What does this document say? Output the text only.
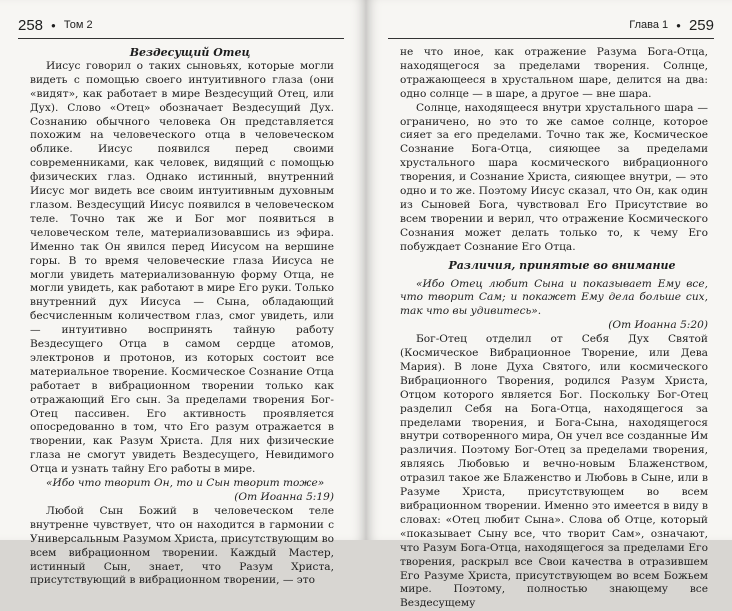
258 ● Том 2

Вездесущий Отец

Иисус говорил о таких сыновьях, которые могли видеть с помощью своего интуитивного глаза (они «видят», как работает в мире Вездесущий Отец, или Дух). Слово «Отец» обозначает Вездесущий Дух. Сознанию обычного человека Он представляется похожим на человеческого отца в человеческом облике. Иисус появился перед своими современниками, как человек, видящий с помощью физических глаз. Однако истинный, внутренний Иисус мог видеть все своим интуитивным духовным глазом. Вездесущий Иисус появился в человеческом теле. Точно так же и Бог мог появиться в человеческом теле, материализовавшись из эфира. Именно так Он явился перед Иисусом на вершине горы. В то время человеческие глаза Иисуса не могли увидеть материализованную форму Отца, не могли увидеть, как работают в мире Его руки. Только внутренний дух Иисуса — Сына, обладающий бесчисленным количеством глаз, смог увидеть, или — интуитивно воспринять тайную работу Вездесущего Отца в самом сердце атомов, электронов и протонов, из которых состоит все материальное творение. Космическое Сознание Отца работает в вибрационном творении только как отражающий Его сын. За пределами творения Бог-Отец пассивен. Его активность проявляется опосредованно в том, что Его разум отражается в творении, как Разум Христа. Для них физические глаза не смогут увидеть Вездесущего, Невидимого Отца и узнать тайну Его работы в мире.

«Ибо что творит Он, то и Сын творит тоже»

(От Иоанна 5:19)

Любой Сын Божий в человеческом теле внутренне чувствует, что он находится в гармонии с Универсальным Разумом Христа, присутствующим во всем вибрационном творении. Каждый Мастер, истинный Сын, знает, что Разум Христа, присутствующий в вибрационном творении, — это

Глава 1 ● 259

не что иное, как отражение Разума Бога-Отца, находящегося за пределами творения. Солнце, отражающееся в хрустальном шаре, делится на два: одно солнце — в шаре, а другое — вне шара.

Солнце, находящееся внутри хрустального шара — ограничено, но это то же самое солнце, которое сияет за его пределами. Точно так же, Космическое Сознание Бога-Отца, сияющее за пределами хрустального шара космического вибрационного творения, и Сознание Христа, сияющее внутри, — это одно и то же. Поэтому Иисус сказал, что Он, как один из Сыновей Бога, чувствовал Его Присутствие во всем творении и верил, что отражение Космического Сознания может делать только то, к чему Его побуждает Сознание Его Отца.

Различия, принятые во внимание

«Ибо Отец любит Сына и показывает Ему все, что творит Сам; и покажет Ему дела больше сих, так что вы удивитесь».

(От Иоанна 5:20)

Бог-Отец отделил от Себя Дух Святой (Космическое Вибрационное Творение, или Дева Мария). В лоне Духа Святого, или космического Вибрационного Творения, родился Разум Христа, Отцом которого является Бог. Поскольку Бог-Отец разделил Себя на Бога-Отца, находящегося за пределами творения, и Бога-Сына, находящегося внутри сотворенного мира, Он учел все созданные Им различия. Поэтому Бог-Отец за пределами творения, являясь Любовью и вечно-новым Блаженством, отразил такое же Блаженство и Любовь в Сыне, или в Разуме Христа, присутствующем во всем вибрационном творении. Именно это имеется в виду в словах: «Отец любит Сына». Слова об Отце, который «показывает Сыну все, что творит Сам», означают, что Разум Бога-Отца, находящегося за пределами Его творения, раскрыл все Свои качества в отразившем Его Разуме Христа, присутствующем во всем Божьем мире. Поэтому, полностью знающему все Вездесущему
